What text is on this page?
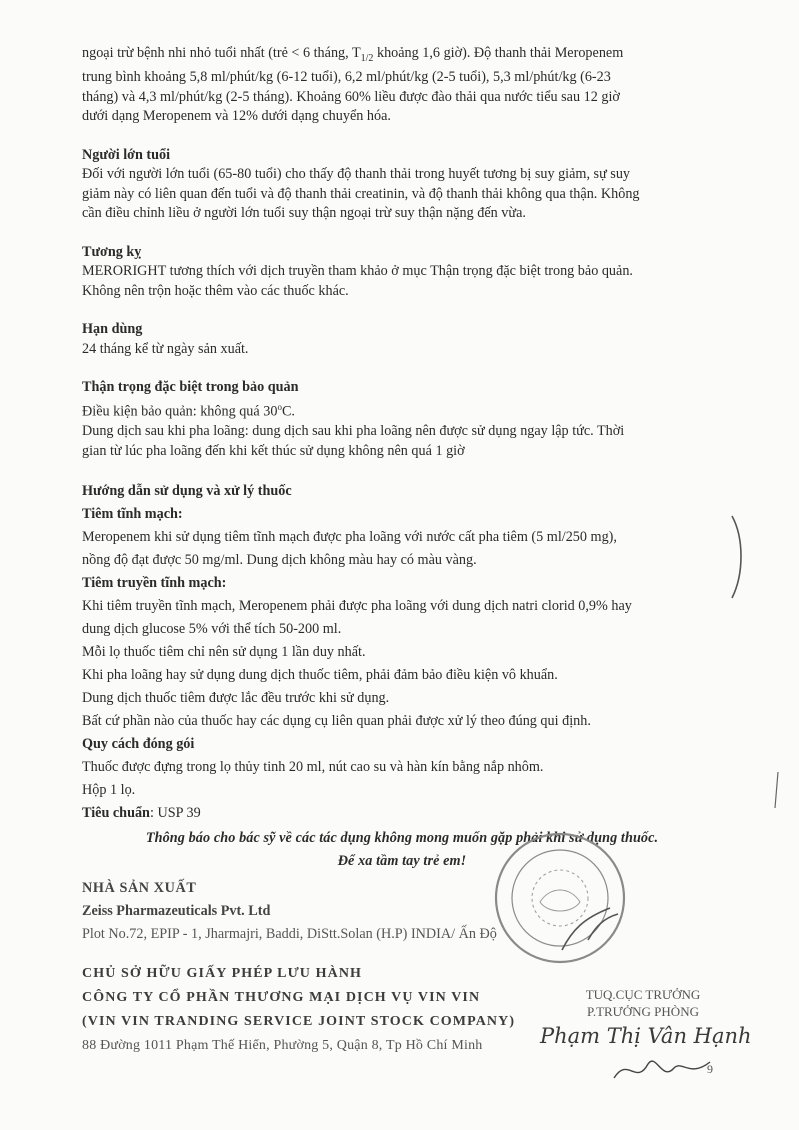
ngoại trừ bệnh nhi nhỏ tuổi nhất (trẻ < 6 tháng, $T_{1/2}$ khoảng 1,6 giờ). Độ thanh thải Meropenem

trung bình khoảng 5,8 ml/phút/kg (6-12 tuổi), 6,2 ml/phút/kg (2-5 tuổi), 5,3 ml/phút/kg (6-23

tháng) và 4,3 ml/phút/kg (2-5 tháng). Khoảng 60% liều được đào thải qua nước tiểu sau 12 giờ

dưới dạng Meropenem và 12% dưới dạng chuyển hóa.

Người lớn tuổi

Đối với người lớn tuổi (65-80 tuổi) cho thấy độ thanh thải trong huyết tương bị suy giảm, sự suy

giảm này có liên quan đến tuổi và độ thanh thải creatinin, và độ thanh thải không qua thận. Không

cần điều chỉnh liều ở người lớn tuổi suy thận ngoại trừ suy thận nặng đến vừa.

Tương kỵ

MERORIGHT tương thích với dịch truyền tham khảo ở mục Thận trọng đặc biệt trong bảo quản.

Không nên trộn hoặc thêm vào các thuốc khác.

Hạn dùng

24 tháng kể từ ngày sản xuất.

Thận trọng đặc biệt trong bảo quản

Điều kiện bảo quản: không quá 30$^o$C.

Dung dịch sau khi pha loãng: dung dịch sau khi pha loãng nên được sử dụng ngay lập tức. Thời

gian từ lúc pha loãng đến khi kết thúc sử dụng không nên quá 1 giờ

Hướng dẫn sử dụng và xử lý thuốc

Tiêm tĩnh mạch:

Meropenem khi sử dụng tiêm tĩnh mạch được pha loãng với nước cất pha tiêm (5 ml/250 mg),

nồng độ đạt được 50 mg/ml. Dung dịch không màu hay có màu vàng.

Tiêm truyền tĩnh mạch:

Khi tiêm truyền tĩnh mạch, Meropenem phải được pha loãng với dung dịch natri clorid 0,9% hay

dung dịch glucose 5% với thể tích 50-200 ml.

Mỗi lọ thuốc tiêm chỉ nên sử dụng 1 lần duy nhất.

Khi pha loãng hay sử dụng dung dịch thuốc tiêm, phải đảm bảo điều kiện vô khuẩn.

Dung dịch thuốc tiêm được lắc đều trước khi sử dụng.

Bất cứ phần nào của thuốc hay các dụng cụ liên quan phải được xử lý theo đúng qui định.

Quy cách đóng gói

Thuốc được đựng trong lọ thủy tinh 20 ml, nút cao su và hàn kín bằng nắp nhôm.

Hộp 1 lọ.

Tiêu chuẩn: USP 39

Thông báo cho bác sỹ về các tác dụng không mong muốn gặp phải khi sử dụng thuốc.

Để xa tầm tay trẻ em!

NHÀ SẢN XUẤT

Zeiss Pharmazeuticals Pvt. Ltd

Plot No.72, EPIP - 1, Jharmajri, Baddi, DiStt.Solan (H.P) INDIA/ Ấn Độ

CHỦ SỞ HỮU GIẤY PHÉP LƯU HÀNH
CÔNG TY CỔ PHẦN THƯƠNG MẠI DỊCH VỤ VIN VIN
(VIN VIN TRANDING SERVICE JOINT STOCK COMPANY)
88 Đường 1011 Phạm Thế Hiển, Phường 5, Quận 8, Tp Hồ Chí Minh
TUQ.CỤC TRƯỞNG
P.TRƯỞNG PHÒNG
Phạm Thị Vân Hạnh
9
